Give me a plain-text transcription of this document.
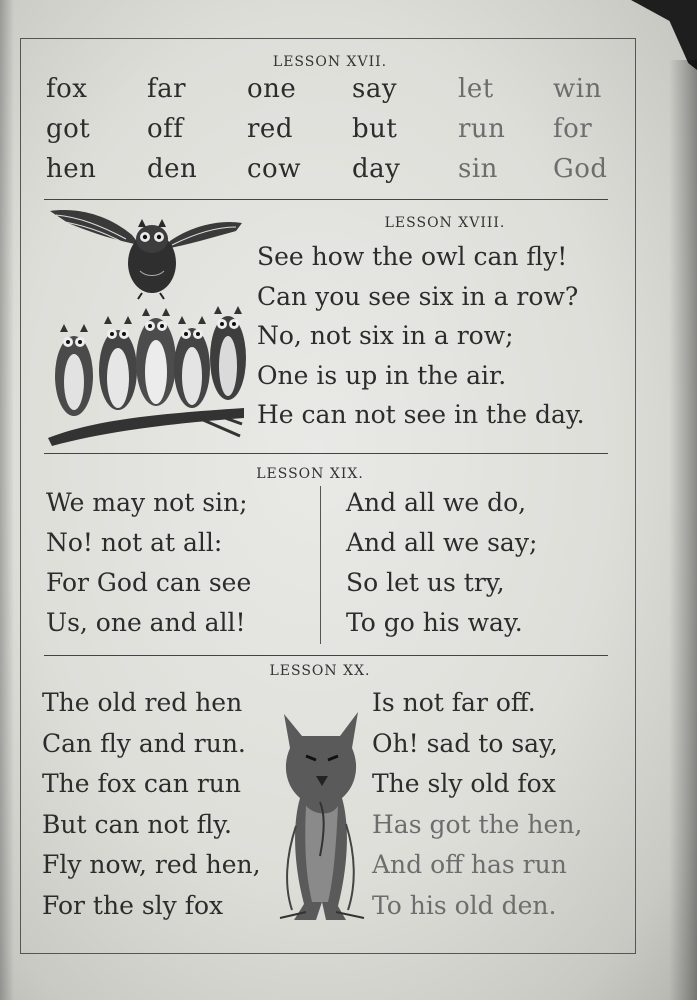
LESSON XVII.
fox far one say let win
got off red but run for
hen den cow day sin God
LESSON XVIII.
See how the owl can fly!
Can you see six in a row?
No, not six in a row;
One is up in the air.
He can not see in the day.
LESSON XIX.
We may not sin;
No! not at all:
For God can see
Us, one and all!
And all we do,
And all we say;
So let us try,
To go his way.
LESSON XX.
The old red hen
Can fly and run.
The fox can run
But can not fly.
Fly now, red hen,
For the sly fox
Is not far off.
Oh! sad to say,
The sly old fox
Has got the hen,
And off has run
To his old den.
